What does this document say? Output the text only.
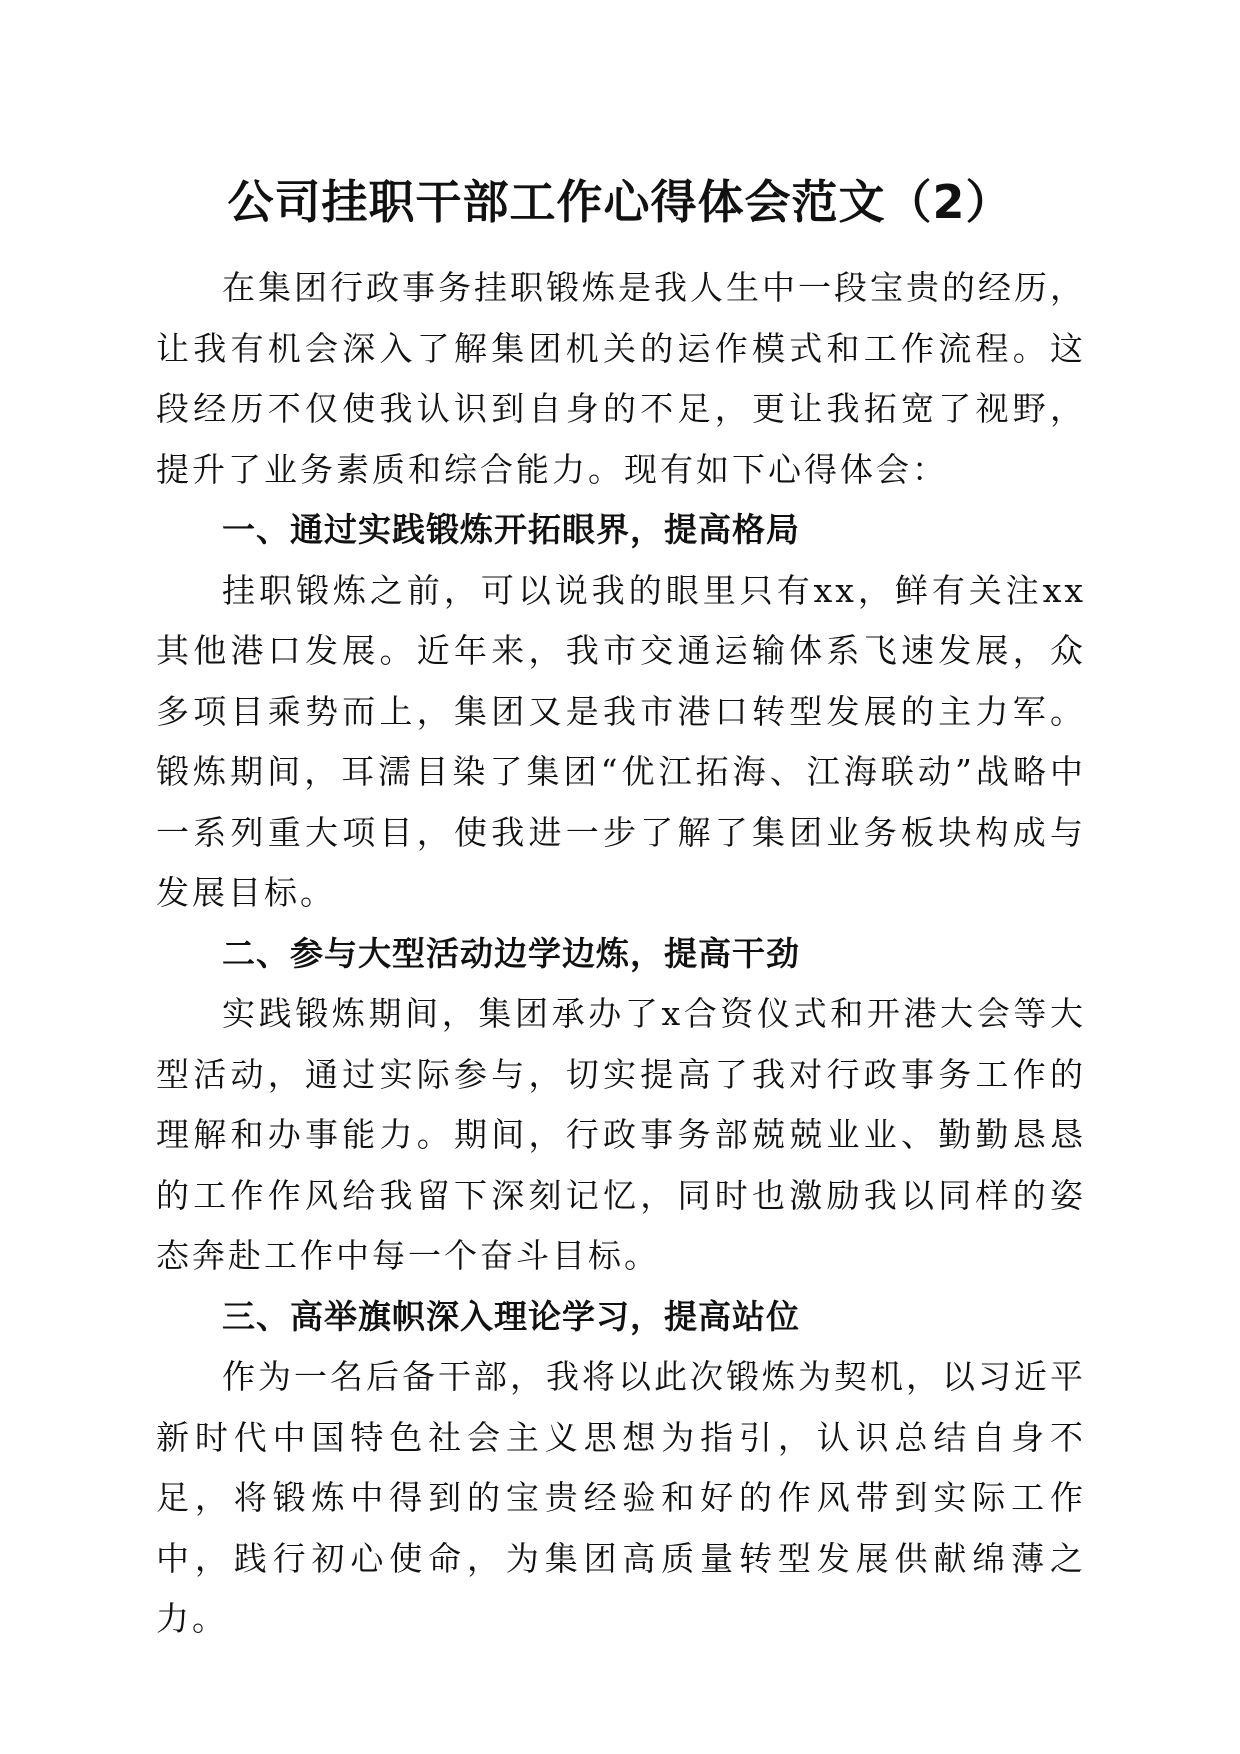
公司挂职干部工作心得体会范文（2）

在集团行政事务挂职锻炼是我人生中一段宝贵的经历，让我有机会深入了解集团机关的运作模式和工作流程。这段经历不仅使我认识到自身的不足，更让我拓宽了视野，提升了业务素质和综合能力。现有如下心得体会：

一、通过实践锻炼开拓眼界，提高格局

挂职锻炼之前，可以说我的眼里只有xx，鲜有关注xx其他港口发展。近年来，我市交通运输体系飞速发展，众多项目乘势而上，集团又是我市港口转型发展的主力军。锻炼期间，耳濡目染了集团“优江拓海、江海联动”战略中一系列重大项目，使我进一步了解了集团业务板块构成与发展目标。

二、参与大型活动边学边炼，提高干劲

实践锻炼期间，集团承办了x合资仪式和开港大会等大型活动，通过实际参与，切实提高了我对行政事务工作的理解和办事能力。期间，行政事务部兢兢业业、勤勤恳恳的工作作风给我留下深刻记忆，同时也激励我以同样的姿态奔赴工作中每一个奋斗目标。

三、高举旗帜深入理论学习，提高站位

作为一名后备干部，我将以此次锻炼为契机，以习近平新时代中国特色社会主义思想为指引，认识总结自身不足，将锻炼中得到的宝贵经验和好的作风带到实际工作中，践行初心使命，为集团高质量转型发展供献绵薄之力。
